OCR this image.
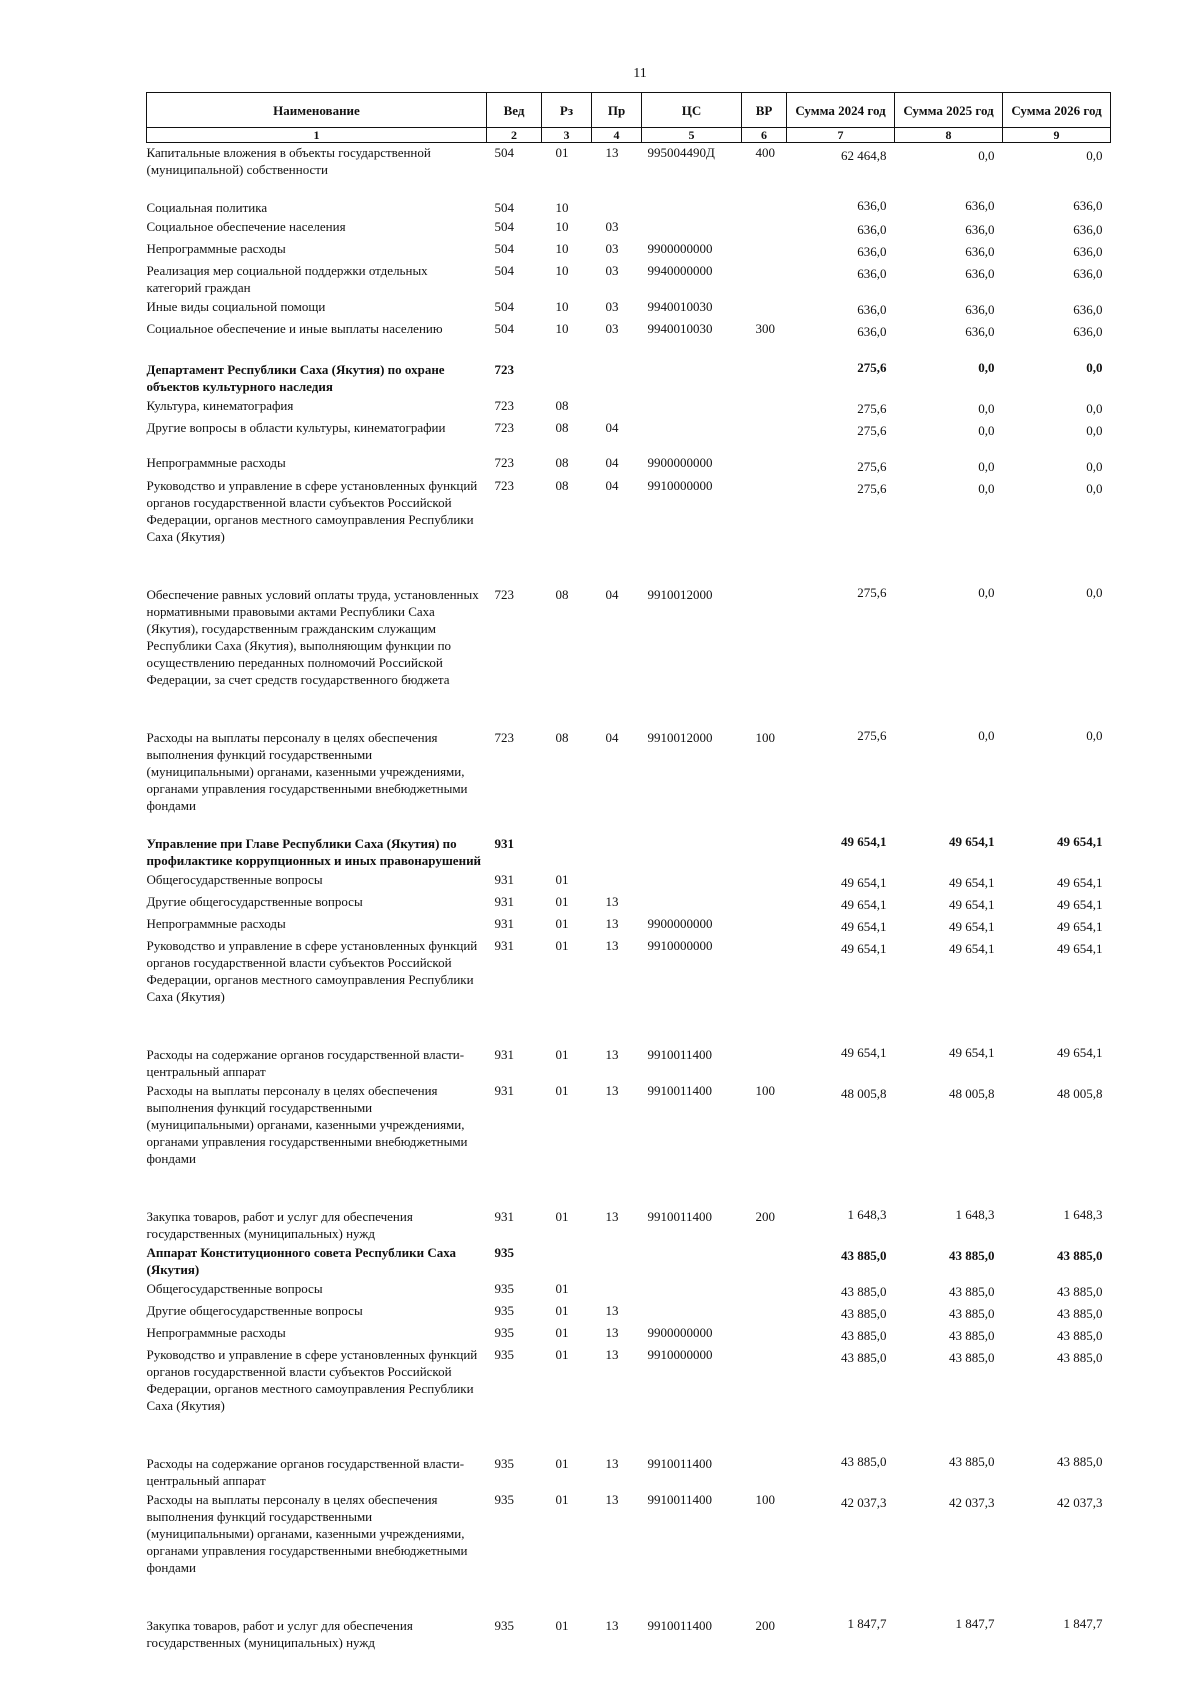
11
Наименование	Вед	Рз	Пр	ЦС	ВР	Сумма 2024 год	Сумма 2025 год	Сумма 2026 год
1	2	3	4	5	6	7	8	9
Капитальные вложения в объекты государственной (муниципальной) собственности	504	01	13	995004490Д	400	62 464,8	0,0	0,0
Социальная политика	504	10				636,0	636,0	636,0
Социальное обеспечение населения	504	10	03			636,0	636,0	636,0
Непрограммные расходы	504	10	03	9900000000		636,0	636,0	636,0
Реализация мер социальной поддержки отдельных категорий граждан	504	10	03	9940000000		636,0	636,0	636,0
Иные виды социальной помощи	504	10	03	9940010030		636,0	636,0	636,0
Социальное обеспечение и иные выплаты населению	504	10	03	9940010030	300	636,0	636,0	636,0
Департамент Республики Саха (Якутия) по охране объектов культурного наследия	723					275,6	0,0	0,0
Культура, кинематография	723	08				275,6	0,0	0,0
Другие вопросы в области культуры, кинематографии	723	08	04			275,6	0,0	0,0
Непрограммные расходы	723	08	04	9900000000		275,6	0,0	0,0
Руководство и управление в сфере установленных функций органов государственной власти субъектов Российской Федерации, органов местного самоуправления Республики Саха (Якутия)	723	08	04	9910000000		275,6	0,0	0,0

Обеспечение равных условий оплаты труда, установленных нормативными правовыми актами Республики Саха (Якутия), государственным гражданским служащим Республики Саха (Якутия), выполняющим функции по осуществлению переданных полномочий Российской Федерации, за счет средств государственного бюджета	723	08	04	9910012000		275,6	0,0	0,0

Расходы на выплаты персоналу в целях обеспечения выполнения функций государственными (муниципальными) органами, казенными учреждениями, органами управления государственными внебюджетными фондами	723	08	04	9910012000	100	275,6	0,0	0,0
Управление при Главе Республики Саха (Якутия) по профилактике коррупционных и иных правонарушений	931					49 654,1	49 654,1	49 654,1
Общегосударственные вопросы	931	01				49 654,1	49 654,1	49 654,1
Другие общегосударственные вопросы	931	01	13			49 654,1	49 654,1	49 654,1
Непрограммные расходы	931	01	13	9900000000		49 654,1	49 654,1	49 654,1
Руководство и управление в сфере установленных функций органов государственной власти субъектов Российской Федерации, органов местного самоуправления Республики Саха (Якутия)	931	01	13	9910000000		49 654,1	49 654,1	49 654,1

Расходы на содержание органов государственной власти- центральный аппарат	931	01	13	9910011400		49 654,1	49 654,1	49 654,1
Расходы на выплаты персоналу в целях обеспечения выполнения функций государственными (муниципальными) органами, казенными учреждениями, органами управления государственными внебюджетными фондами	931	01	13	9910011400	100	48 005,8	48 005,8	48 005,8

Закупка товаров, работ и услуг для обеспечения государственных (муниципальных) нужд	931	01	13	9910011400	200	1 648,3	1 648,3	1 648,3
Аппарат Конституционного совета Республики Саха (Якутия)	935					43 885,0	43 885,0	43 885,0
Общегосударственные вопросы	935	01				43 885,0	43 885,0	43 885,0
Другие общегосударственные вопросы	935	01	13			43 885,0	43 885,0	43 885,0
Непрограммные расходы	935	01	13	9900000000		43 885,0	43 885,0	43 885,0
Руководство и управление в сфере установленных функций органов государственной власти субъектов Российской Федерации, органов местного самоуправления Республики Саха (Якутия)	935	01	13	9910000000		43 885,0	43 885,0	43 885,0

Расходы на содержание органов государственной власти- центральный аппарат	935	01	13	9910011400		43 885,0	43 885,0	43 885,0
Расходы на выплаты персоналу в целях обеспечения выполнения функций государственными (муниципальными) органами, казенными учреждениями, органами управления государственными внебюджетными фондами	935	01	13	9910011400	100	42 037,3	42 037,3	42 037,3

Закупка товаров, работ и услуг для обеспечения государственных (муниципальных) нужд	935	01	13	9910011400	200	1 847,7	1 847,7	1 847,7
